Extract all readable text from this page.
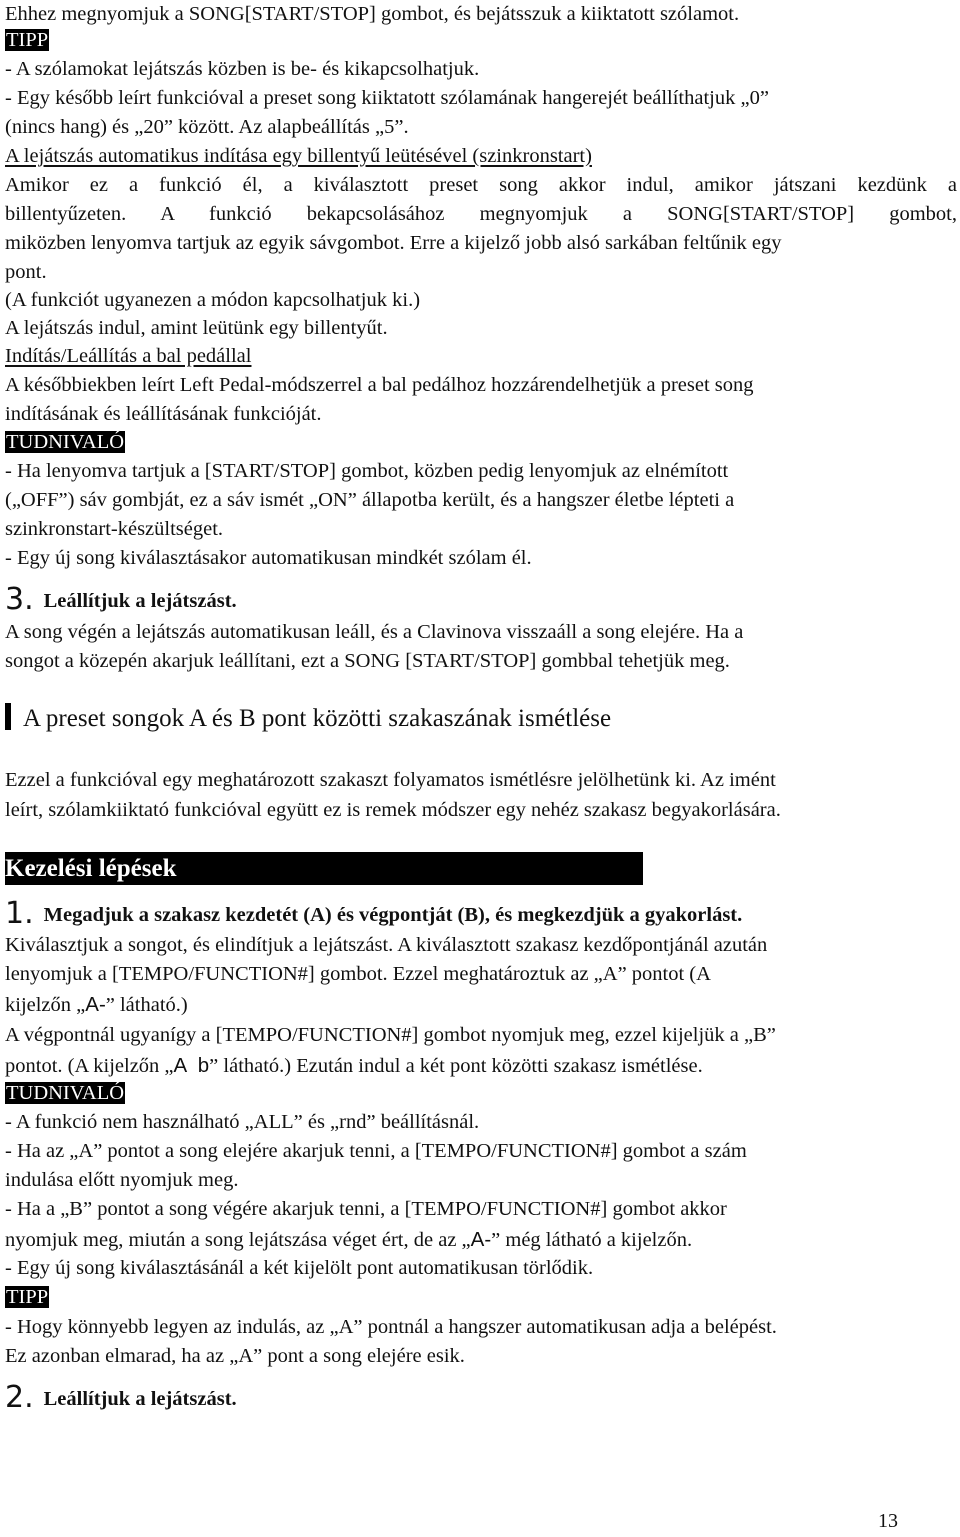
Ehhez megnyomjuk a SONG[START/STOP] gombot, és bejátsszuk a kiiktatott szólamot.
TIPP
- A szólamokat lejátszás közben is be- és kikapcsolhatjuk.
- Egy később leírt funkcióval a preset song kiiktatott szólamának hangerejét beállíthatjuk „0”
(nincs hang) és „20” között. Az alapbeállítás „5”.
A lejátszás automatikus indítása egy billentyű leütésével (szinkronstart)
Amikor ez a funkció él, a kiválasztott preset song akkor indul, amikor játszani kezdünk a
billentyűzeten. A funkció bekapcsolásához megnyomjuk a SONG[START/STOP] gombot,
miközben lenyomva tartjuk az egyik sávgombot. Erre a kijelző jobb alsó sarkában feltűnik egy
pont.
(A funkciót ugyanezen a módon kapcsolhatjuk ki.)
A lejátszás indul, amint leütünk egy billentyűt.
Indítás/Leállítás a bal pedállal
A későbbiekben leírt Left Pedal-módszerrel a bal pedálhoz hozzárendelhetjük a preset song
indításának és leállításának funkcióját.
TUDNIVALÓ
- Ha lenyomva tartjuk a [START/STOP] gombot, közben pedig lenyomjuk az elnémított
(„OFF”) sáv gombját, ez a sáv ismét „ON” állapotba került, és a hangszer életbe lépteti a
szinkronstart-készültséget.
- Egy új song kiválasztásakor automatikusan mindkét szólam él.
3. Leállítjuk a lejátszást.
A song végén a lejátszás automatikusan leáll, és a Clavinova visszaáll a song elejére. Ha a
songot a közepén akarjuk leállítani, ezt a SONG [START/STOP] gombbal tehetjük meg.
A preset songok A és B pont közötti szakaszának ismétlése
Ezzel a funkcióval egy meghatározott szakaszt folyamatos ismétlésre jelölhetünk ki. Az imént
leírt, szólamkiiktató funkcióval együtt ez is remek módszer egy nehéz szakasz begyakorlására.
Kezelési lépések
1. Megadjuk a szakasz kezdetét (A) és végpontját (B), és megkezdjük a gyakorlást.
Kiválasztjuk a songot, és elindítjuk a lejátszást. A kiválasztott szakasz kezdőpontjánál azután
lenyomjuk a [TEMPO/FUNCTION#] gombot. Ezzel meghatároztuk az „A” pontot (A
kijelzőn „A-” látható.)
A végpontnál ugyanígy a [TEMPO/FUNCTION#] gombot nyomjuk meg, ezzel kijeljük a „B”
pontot. (A kijelzőn „A b” látható.) Ezután indul a két pont közötti szakasz ismétlése.
TUDNIVALÓ
- A funkció nem használható „ALL” és „rnd” beállításnál.
- Ha az „A” pontot a song elejére akarjuk tenni, a [TEMPO/FUNCTION#] gombot a szám
indulása előtt nyomjuk meg.
- Ha a „B” pontot a song végére akarjuk tenni, a [TEMPO/FUNCTION#] gombot akkor
nyomjuk meg, miután a song lejátszása véget ért, de az „A-” még látható a kijelzőn.
- Egy új song kiválasztásánál a két kijelölt pont automatikusan törlődik.
TIPP
- Hogy könnyebb legyen az indulás, az „A” pontnál a hangszer automatikusan adja a belépést.
Ez azonban elmarad, ha az „A” pont a song elejére esik.
2. Leállítjuk a lejátszást.
13
